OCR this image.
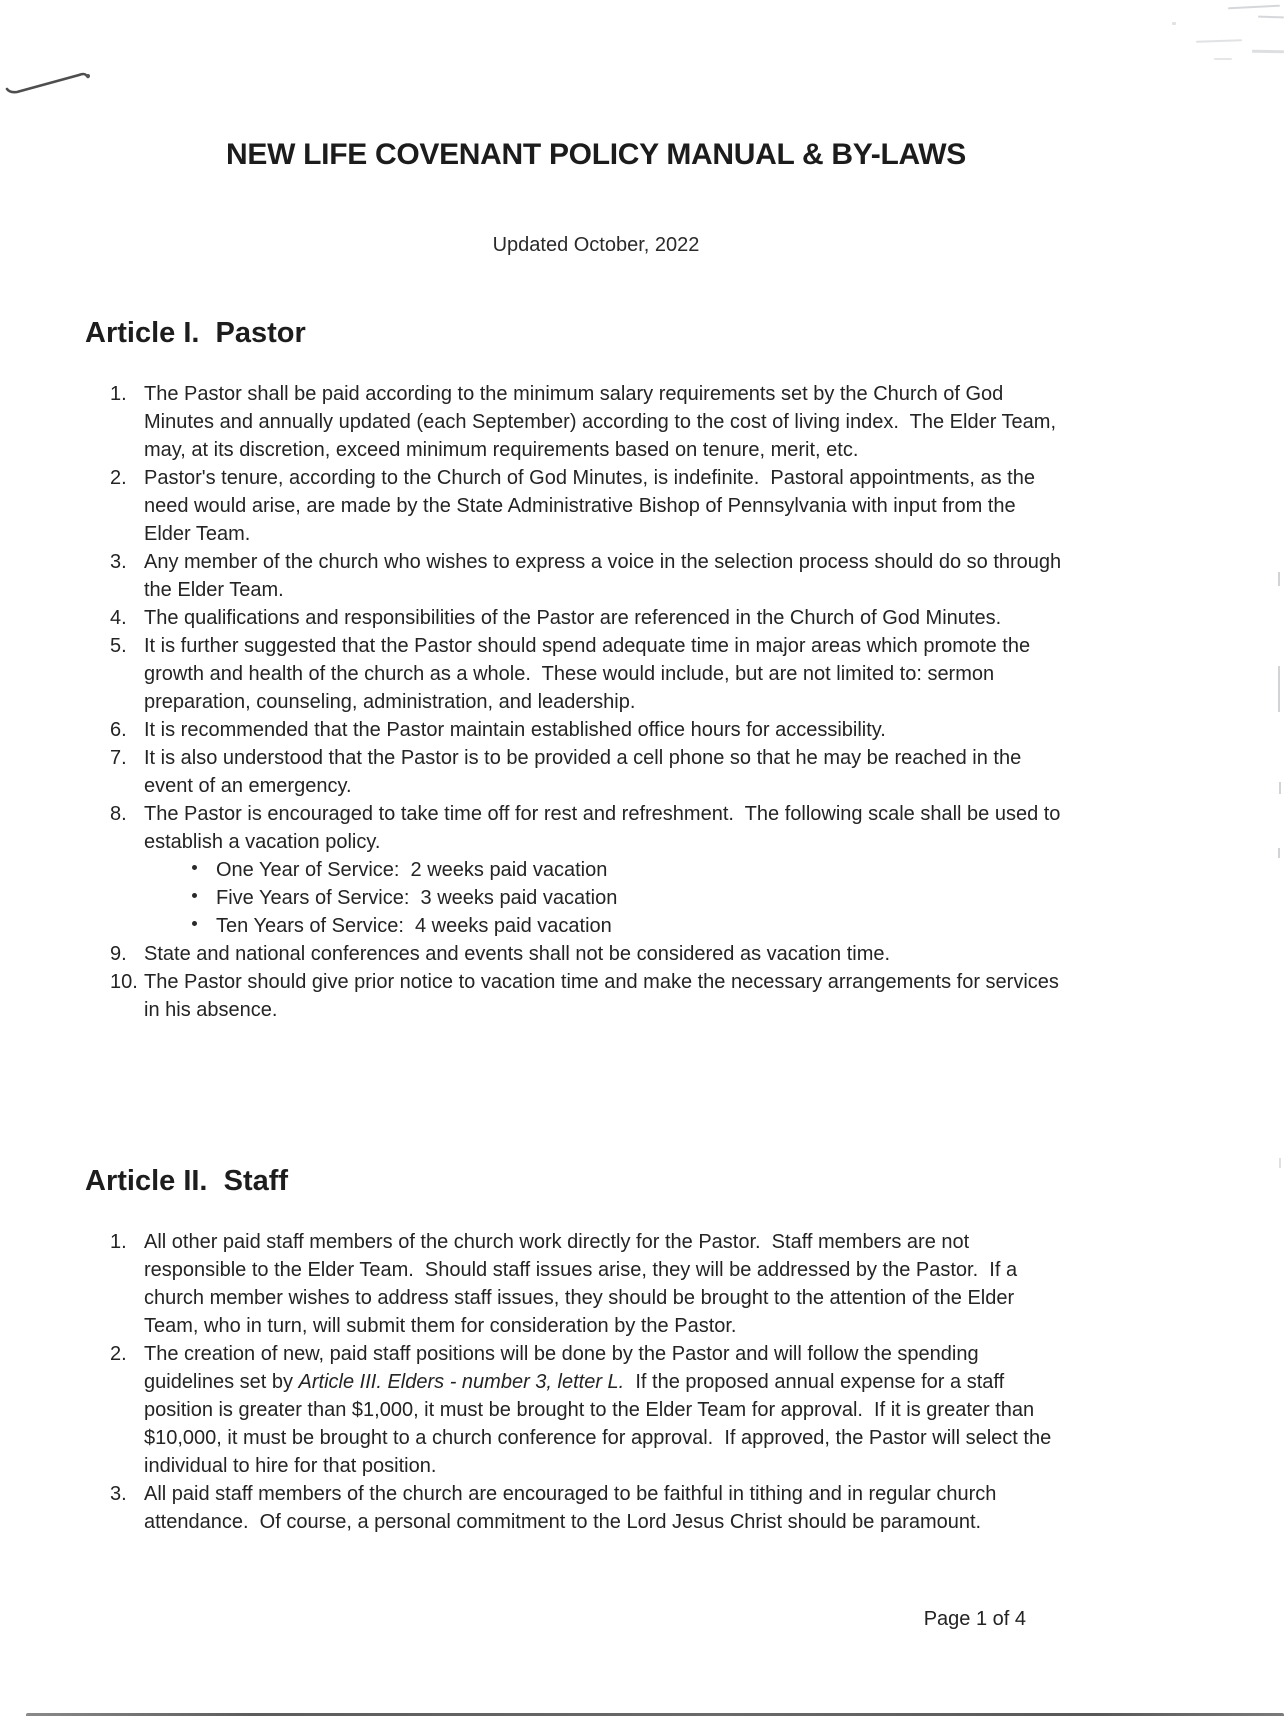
NEW LIFE COVENANT POLICY MANUAL & BY-LAWS
Updated October, 2022
Article I.  Pastor
1. The Pastor shall be paid according to the minimum salary requirements set by the Church of God Minutes and annually updated (each September) according to the cost of living index.  The Elder Team, may, at its discretion, exceed minimum requirements based on tenure, merit, etc.
2. Pastor's tenure, according to the Church of God Minutes, is indefinite.  Pastoral appointments, as the need would arise, are made by the State Administrative Bishop of Pennsylvania with input from the Elder Team.
3. Any member of the church who wishes to express a voice in the selection process should do so through the Elder Team.
4. The qualifications and responsibilities of the Pastor are referenced in the Church of God Minutes.
5. It is further suggested that the Pastor should spend adequate time in major areas which promote the growth and health of the church as a whole.  These would include, but are not limited to: sermon preparation, counseling, administration, and leadership.
6. It is recommended that the Pastor maintain established office hours for accessibility.
7. It is also understood that the Pastor is to be provided a cell phone so that he may be reached in the event of an emergency.
8. The Pastor is encouraged to take time off for rest and refreshment.  The following scale shall be used to establish a vacation policy.
One Year of Service:  2 weeks paid vacation
Five Years of Service:  3 weeks paid vacation
Ten Years of Service:  4 weeks paid vacation
9. State and national conferences and events shall not be considered as vacation time.
10. The Pastor should give prior notice to vacation time and make the necessary arrangements for services in his absence.
Article II.  Staff
1. All other paid staff members of the church work directly for the Pastor.  Staff members are not responsible to the Elder Team.  Should staff issues arise, they will be addressed by the Pastor.  If a church member wishes to address staff issues, they should be brought to the attention of the Elder Team, who in turn, will submit them for consideration by the Pastor.
2. The creation of new, paid staff positions will be done by the Pastor and will follow the spending guidelines set by Article III. Elders - number 3, letter L.  If the proposed annual expense for a staff position is greater than $1,000, it must be brought to the Elder Team for approval.  If it is greater than $10,000, it must be brought to a church conference for approval.  If approved, the Pastor will select the individual to hire for that position.
3. All paid staff members of the church are encouraged to be faithful in tithing and in regular church attendance.  Of course, a personal commitment to the Lord Jesus Christ should be paramount.
Page 1 of 4
